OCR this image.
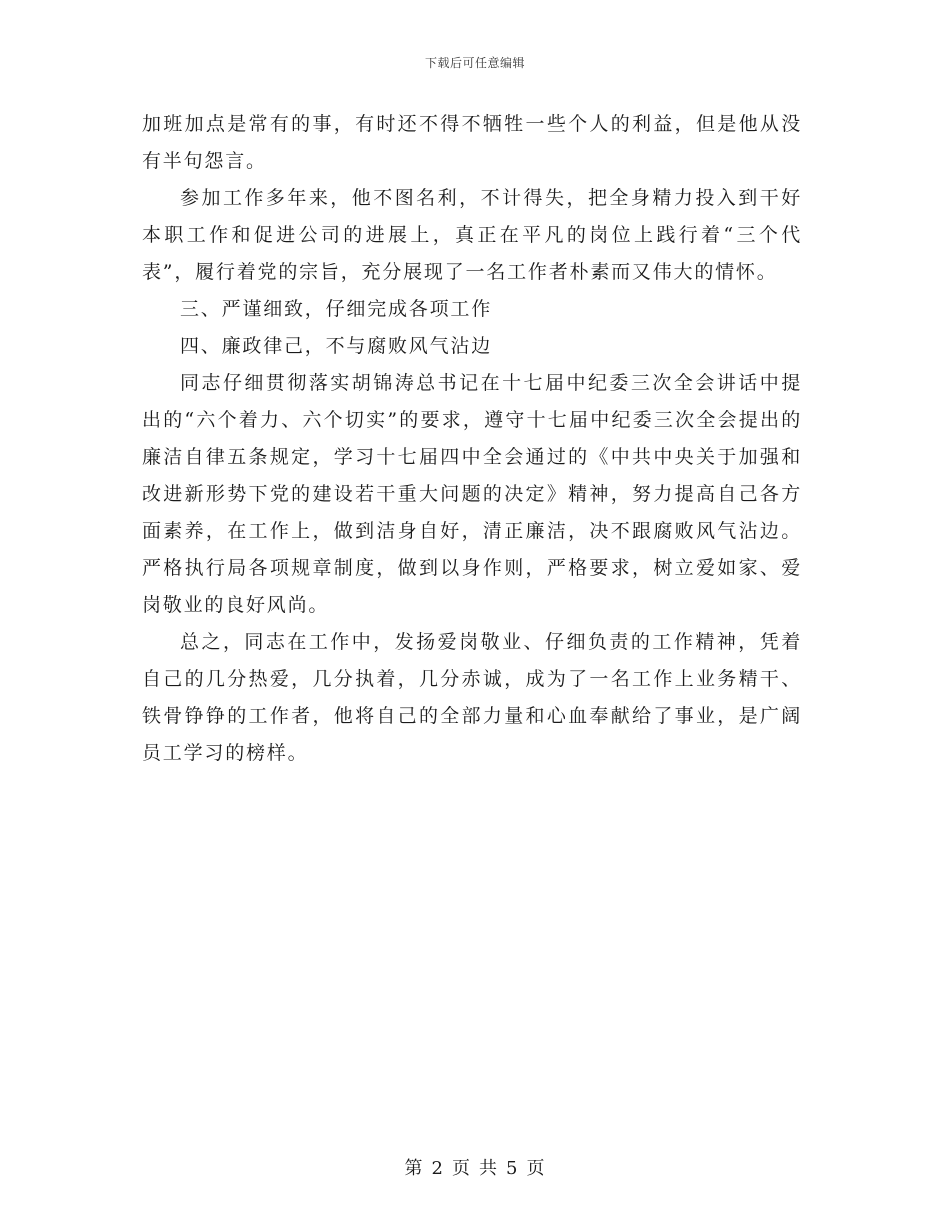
下载后可任意编辑

加班加点是常有的事，有时还不得不牺牲一些个人的利益，但是他从没有半句怨言。

参加工作多年来，他不图名利，不计得失，把全身精力投入到干好本职工作和促进公司的进展上，真正在平凡的岗位上践行着“三个代表”，履行着党的宗旨，充分展现了一名工作者朴素而又伟大的情怀。

三、严谨细致，仔细完成各项工作

四、廉政律己，不与腐败风气沾边

同志仔细贯彻落实胡锦涛总书记在十七届中纪委三次全会讲话中提出的“六个着力、六个切实”的要求，遵守十七届中纪委三次全会提出的廉洁自律五条规定，学习十七届四中全会通过的《中共中央关于加强和改进新形势下党的建设若干重大问题的决定》精神，努力提高自己各方面素养，在工作上，做到洁身自好，清正廉洁，决不跟腐败风气沾边。严格执行局各项规章制度，做到以身作则，严格要求，树立爱如家、爱岗敬业的良好风尚。

总之，同志在工作中，发扬爱岗敬业、仔细负责的工作精神，凭着自己的几分热爱，几分执着，几分赤诚，成为了一名工作上业务精干、铁骨铮铮的工作者，他将自己的全部力量和心血奉献给了事业，是广阔员工学习的榜样。

第 2 页 共 5 页
